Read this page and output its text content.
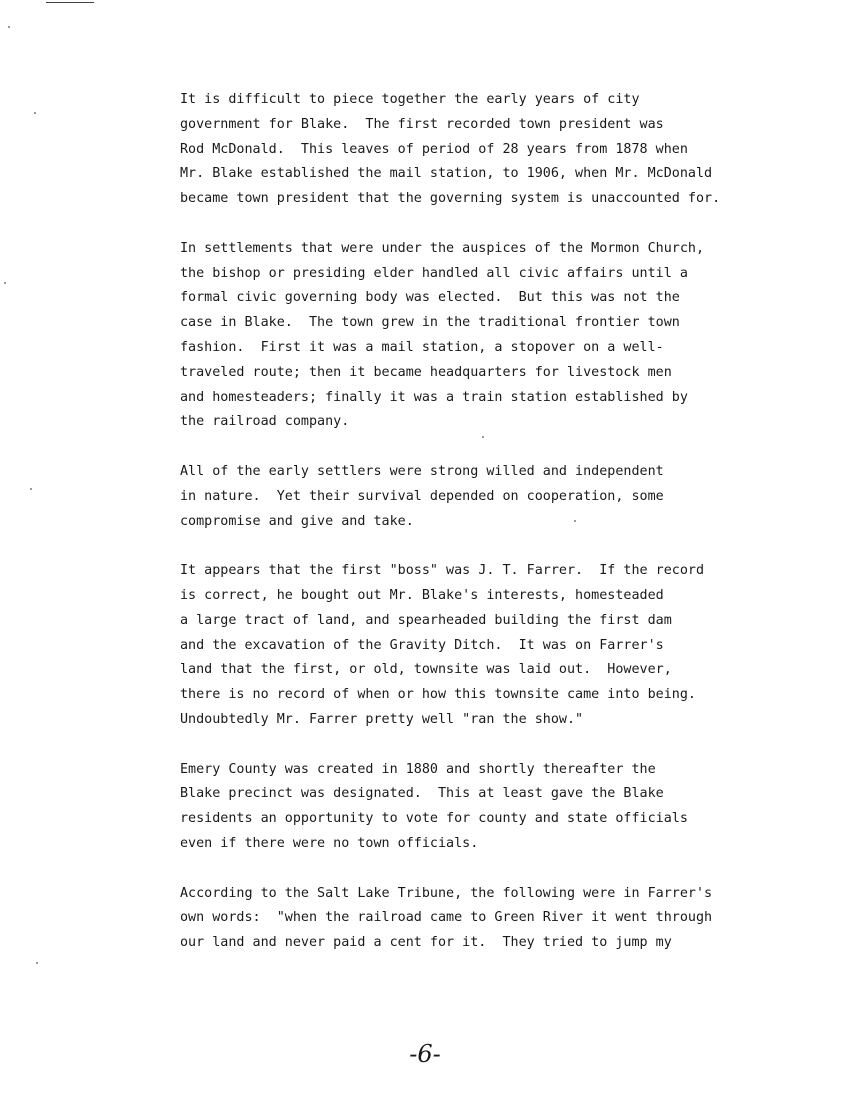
It is difficult to piece together the early years of city
government for Blake.  The first recorded town president was
Rod McDonald.  This leaves of period of 28 years from 1878 when
Mr. Blake established the mail station, to 1906, when Mr. McDonald
became town president that the governing system is unaccounted for.

In settlements that were under the auspices of the Mormon Church,
the bishop or presiding elder handled all civic affairs until a
formal civic governing body was elected.  But this was not the
case in Blake.  The town grew in the traditional frontier town
fashion.  First it was a mail station, a stopover on a well-
traveled route; then it became headquarters for livestock men
and homesteaders; finally it was a train station established by
the railroad company.

All of the early settlers were strong willed and independent
in nature.  Yet their survival depended on cooperation, some
compromise and give and take.

It appears that the first "boss" was J. T. Farrer.  If the record
is correct, he bought out Mr. Blake's interests, homesteaded
a large tract of land, and spearheaded building the first dam
and the excavation of the Gravity Ditch.  It was on Farrer's
land that the first, or old, townsite was laid out.  However,
there is no record of when or how this townsite came into being.
Undoubtedly Mr. Farrer pretty well "ran the show."

Emery County was created in 1880 and shortly thereafter the
Blake precinct was designated.  This at least gave the Blake
residents an opportunity to vote for county and state officials
even if there were no town officials.

According to the Salt Lake Tribune, the following were in Farrer's
own words:  "when the railroad came to Green River it went through
our land and never paid a cent for it.  They tried to jump my

-6-
